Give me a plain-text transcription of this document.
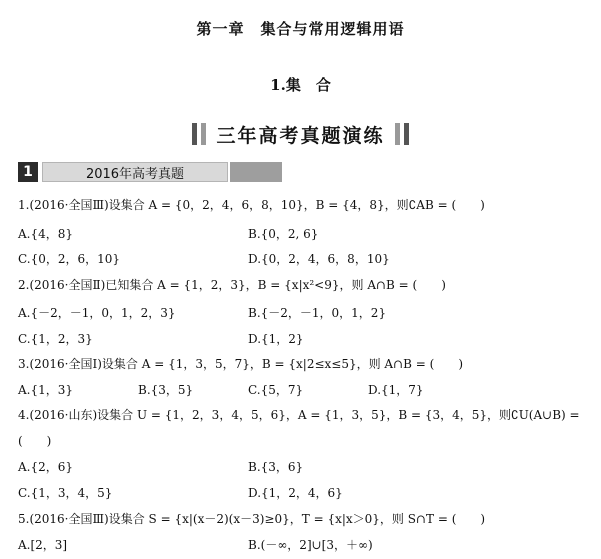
第一章　集合与常用逻辑用语
1.集　合
三年高考真题演练
1	2016年高考真题
1.(2016·全国Ⅲ)设集合 A = {0，2，4，6，8，10}，B = {4，8}，则∁AB = (　　)
A.{4，8}	B.{0，2, 6}
C.{0，2，6，10}	D.{0，2，4，6，8，10}
2.(2016·全国Ⅱ)已知集合 A = {1，2，3}，B = {x|x²<9}，则 A∩B = (　　)
A.{－2，－1，0，1，2，3}	B.{－2，－1，0，1，2}
C.{1，2，3}	D.{1，2}
3.(2016·全国Ⅰ)设集合 A = {1，3，5，7}，B = {x|2≤x≤5}，则 A∩B = (　　)
A.{1，3}	B.{3，5}	C.{5，7}	D.{1，7}
4.(2016·山东)设集合 U = {1，2，3，4，5，6}，A = {1，3，5}，B = {3，4，5}，则∁U(A∪B) =
(　　)
A.{2，6}	B.{3，6}
C.{1，3，4，5}	D.{1，2，4，6}
5.(2016·全国Ⅲ)设集合 S = {x|(x－2)(x－3)≥0}，T = {x|x＞0}，则 S∩T = (　　)
A.[2，3]	B.(－∞，2]∪[3，＋∞)
